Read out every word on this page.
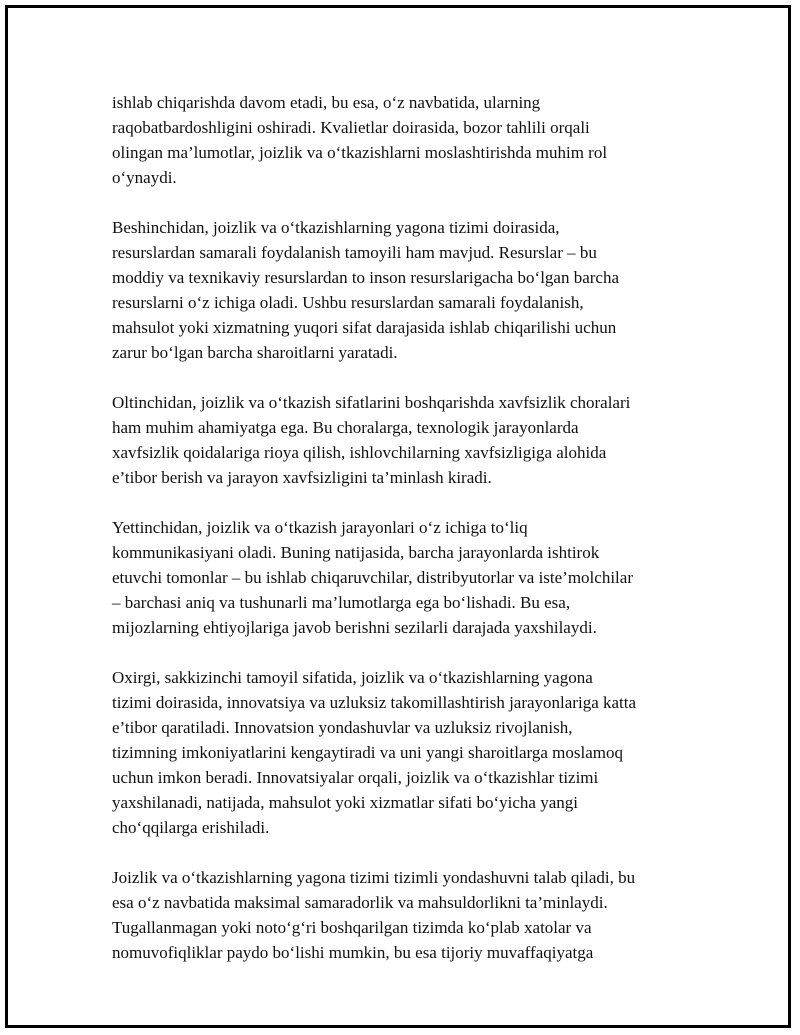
ishlab chiqarishda davom etadi, bu esa, o‘z navbatida, ularning
raqobatbardoshligini oshiradi. Kvalietlar doirasida, bozor tahlili orqali
olingan ma’lumotlar, joizlik va o‘tkazishlarni moslashtirishda muhim rol
o‘ynaydi.

Beshinchidan, joizlik va o‘tkazishlarning yagona tizimi doirasida,
resurslardan samarali foydalanish tamoyili ham mavjud. Resurslar – bu
moddiy va texnikaviy resurslardan to inson resurslarigacha bo‘lgan barcha
resurslarni o‘z ichiga oladi. Ushbu resurslardan samarali foydalanish,
mahsulot yoki xizmatning yuqori sifat darajasida ishlab chiqarilishi uchun
zarur bo‘lgan barcha sharoitlarni yaratadi.

Oltinchidan, joizlik va o‘tkazish sifatlarini boshqarishda xavfsizlik choralari
ham muhim ahamiyatga ega. Bu choralarga, texnologik jarayonlarda
xavfsizlik qoidalariga rioya qilish, ishlovchilarning xavfsizligiga alohida
e’tibor berish va jarayon xavfsizligini ta’minlash kiradi.

Yettinchidan, joizlik va o‘tkazish jarayonlari o‘z ichiga to‘liq
kommunikasiyani oladi. Buning natijasida, barcha jarayonlarda ishtirok
etuvchi tomonlar – bu ishlab chiqaruvchilar, distribyutorlar va iste’molchilar
– barchasi aniq va tushunarli ma’lumotlarga ega bo‘lishadi. Bu esa,
mijozlarning ehtiyojlariga javob berishni sezilarli darajada yaxshilaydi.

Oxirgi, sakkizinchi tamoyil sifatida, joizlik va o‘tkazishlarning yagona
tizimi doirasida, innovatsiya va uzluksiz takomillashtirish jarayonlariga katta
e’tibor qaratiladi. Innovatsion yondashuvlar va uzluksiz rivojlanish,
tizimning imkoniyatlarini kengaytiradi va uni yangi sharoitlarga moslamoq
uchun imkon beradi. Innovatsiyalar orqali, joizlik va o‘tkazishlar tizimi
yaxshilanadi, natijada, mahsulot yoki xizmatlar sifati bo‘yicha yangi
cho‘qqilarga erishiladi.

Joizlik va o‘tkazishlarning yagona tizimi tizimli yondashuvni talab qiladi, bu
esa o‘z navbatida maksimal samaradorlik va mahsuldorlikni ta’minlaydi.
Tugallanmagan yoki noto‘g‘ri boshqarilgan tizimda ko‘plab xatolar va
nomuvofiqliklar paydo bo‘lishi mumkin, bu esa tijoriy muvaffaqiyatga
